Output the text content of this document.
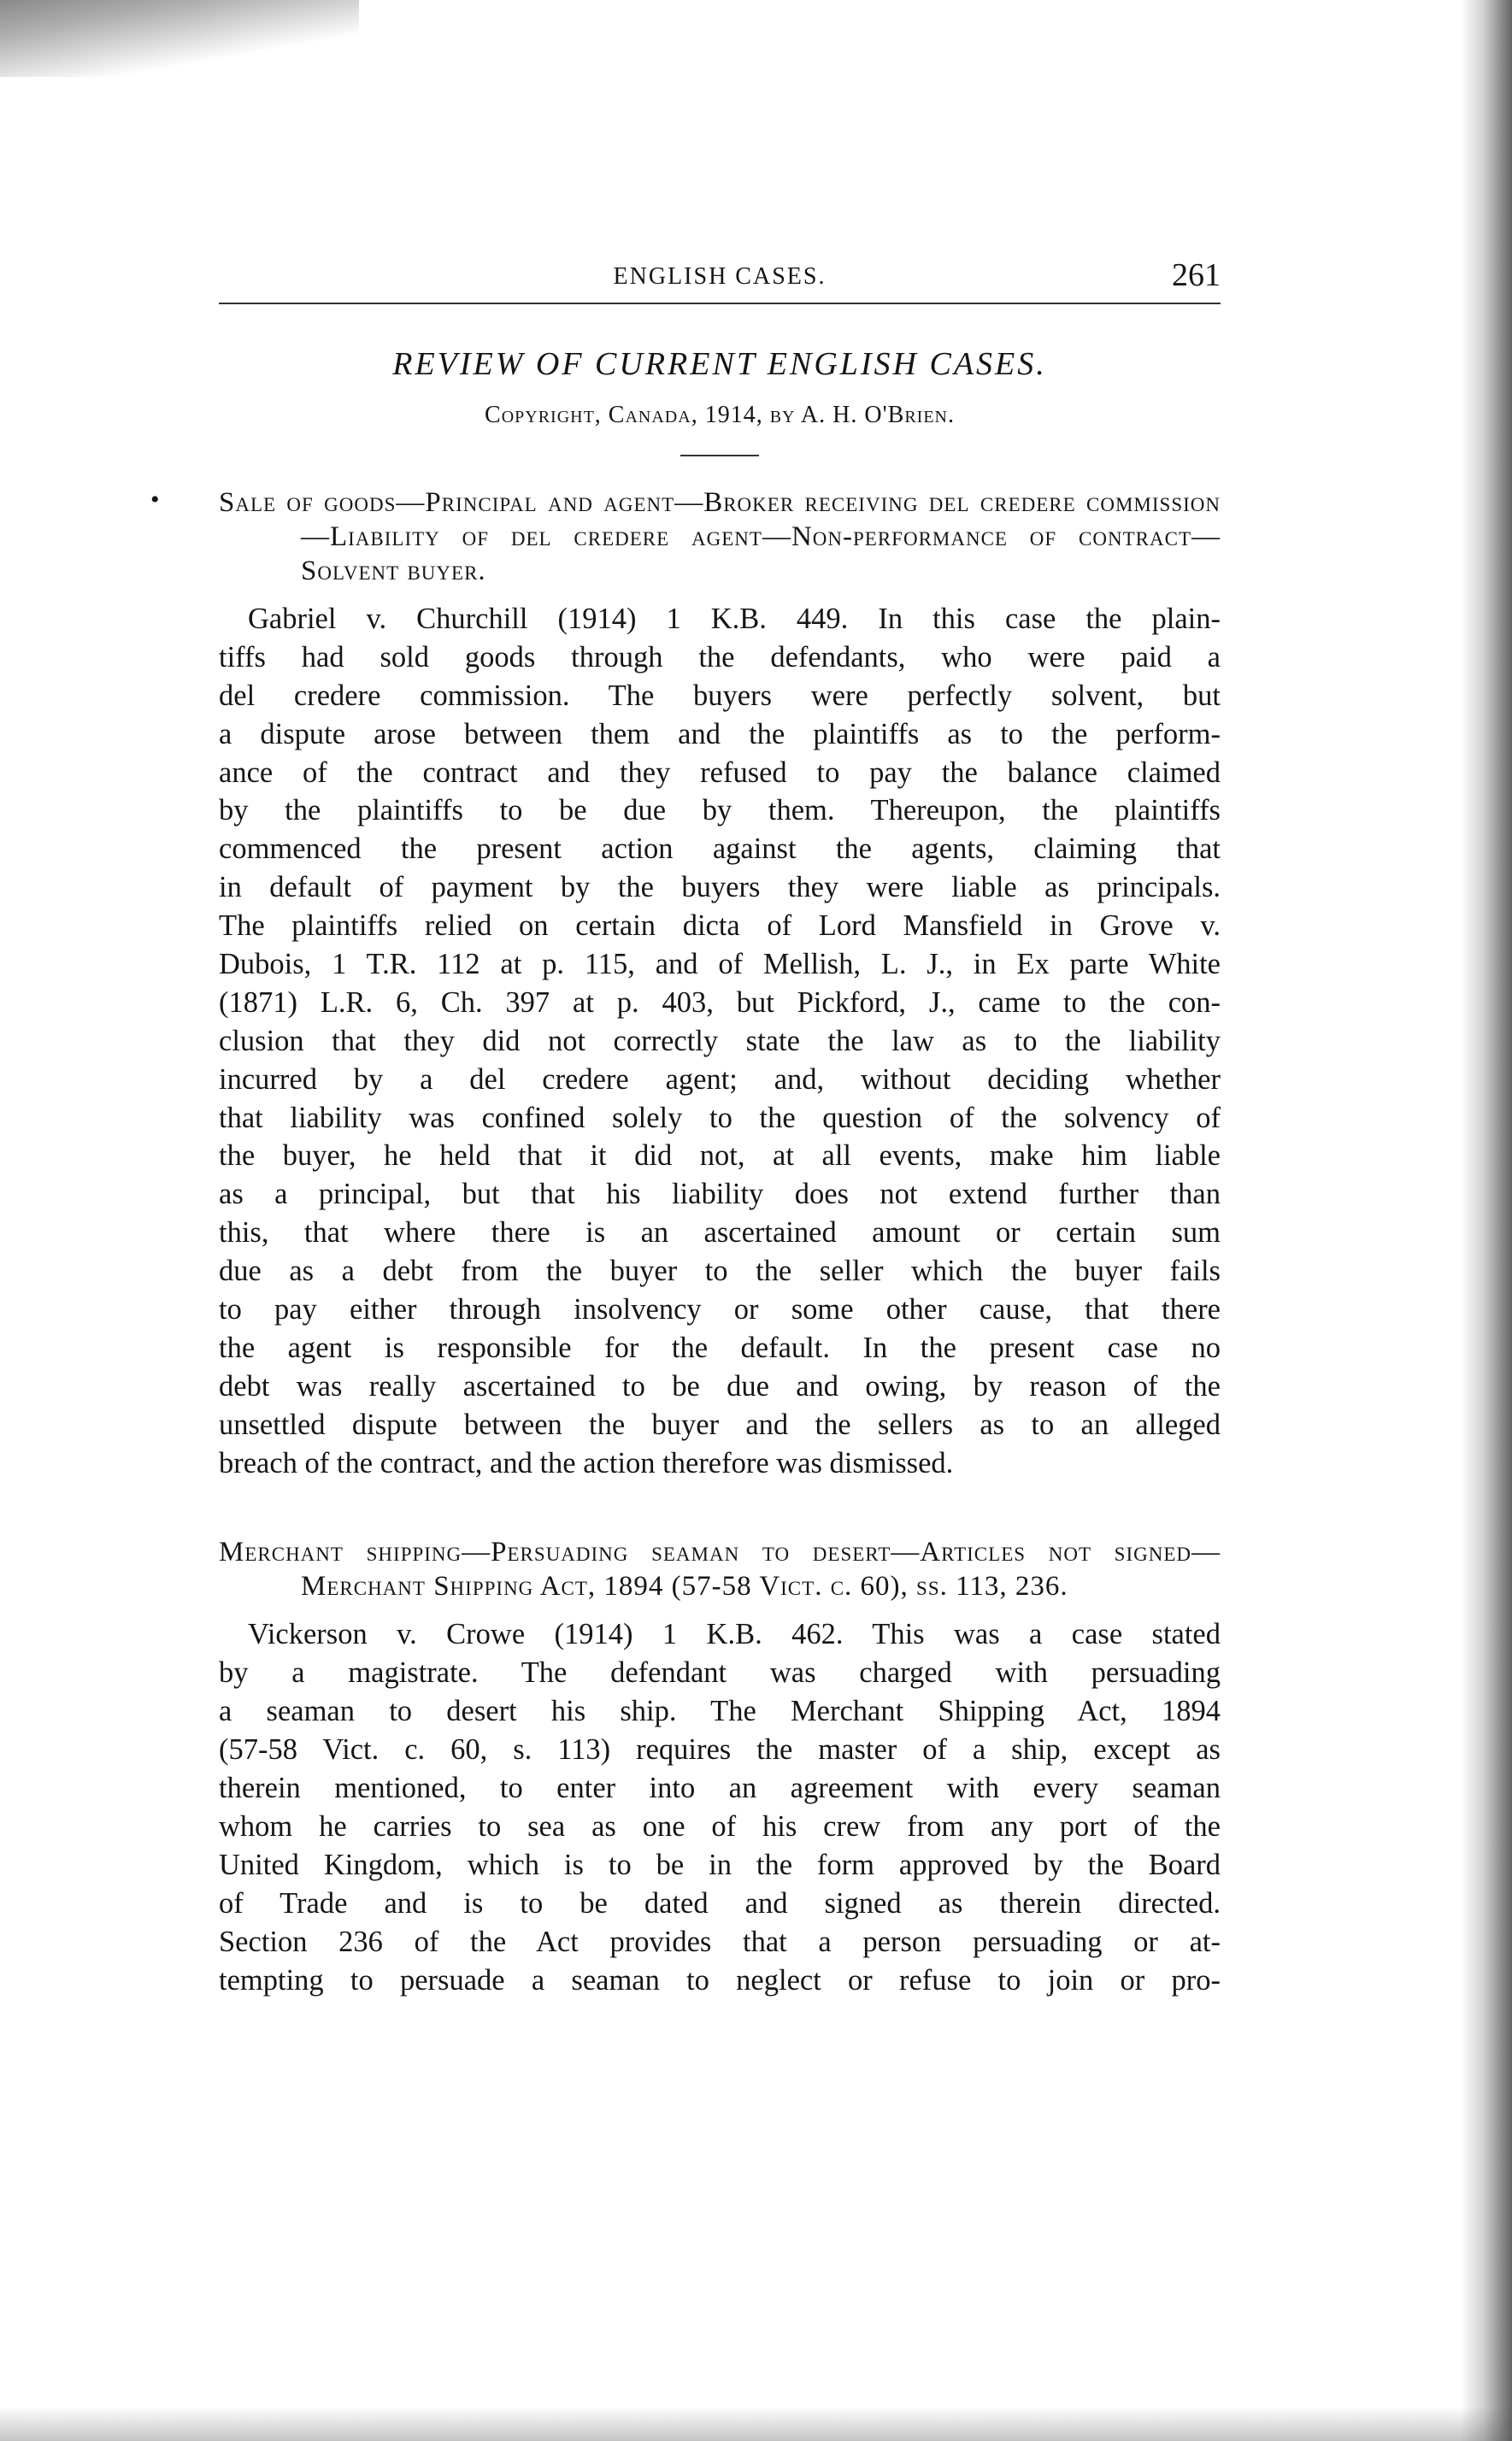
ENGLISH CASES.	261
REVIEW OF CURRENT ENGLISH CASES.
Copyright, Canada, 1914, by A. H. O'Brien.
• Sale of goods—Principal and agent—Broker receiving del credere commission—Liability of del credere agent—Non-performance of contract—Solvent buyer.

Gabriel v. Churchill (1914) 1 K.B. 449. In this case the plain-
tiffs had sold goods through the defendants, who were paid a
del credere commission. The buyers were perfectly solvent, but
a dispute arose between them and the plaintiffs as to the perform-
ance of the contract and they refused to pay the balance claimed
by the plaintiffs to be due by them. Thereupon, the plaintiffs
commenced the present action against the agents, claiming that
in default of payment by the buyers they were liable as principals.
The plaintiffs relied on certain dicta of Lord Mansfield in Grove v.
Dubois, 1 T.R. 112 at p. 115, and of Mellish, L. J., in Ex parte White
(1871) L.R. 6, Ch. 397 at p. 403, but Pickford, J., came to the con-
clusion that they did not correctly state the law as to the liability
incurred by a del credere agent; and, without deciding whether
that liability was confined solely to the question of the solvency of
the buyer, he held that it did not, at all events, make him liable
as a principal, but that his liability does not extend further than
this, that where there is an ascertained amount or certain sum
due as a debt from the buyer to the seller which the buyer fails
to pay either through insolvency or some other cause, that there
the agent is responsible for the default. In the present case no
debt was really ascertained to be due and owing, by reason of the
unsettled dispute between the buyer and the sellers as to an alleged
breach of the contract, and the action therefore was dismissed.

Merchant shipping—Persuading seaman to desert—Articles not signed—Merchant Shipping Act, 1894 (57-58 Vict. c. 60), ss. 113, 236.

Vickerson v. Crowe (1914) 1 K.B. 462. This was a case stated
by a magistrate. The defendant was charged with persuading
a seaman to desert his ship. The Merchant Shipping Act, 1894
(57-58 Vict. c. 60, s. 113) requires the master of a ship, except as
therein mentioned, to enter into an agreement with every seaman
whom he carries to sea as one of his crew from any port of the
United Kingdom, which is to be in the form approved by the Board
of Trade and is to be dated and signed as therein directed.
Section 236 of the Act provides that a person persuading or at-
tempting to persuade a seaman to neglect or refuse to join or pro-
